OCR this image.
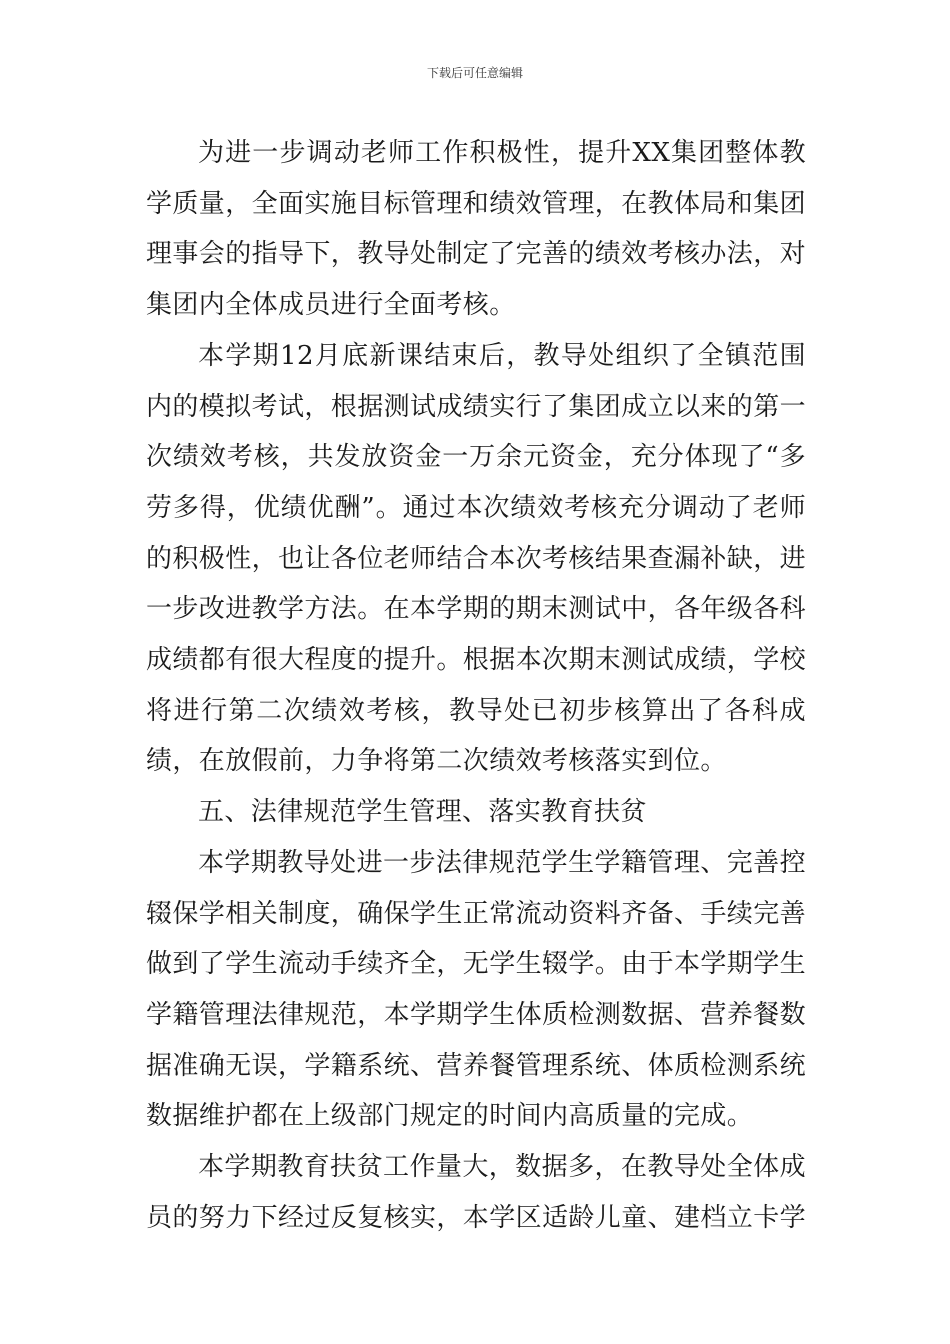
下载后可任意编辑

为进一步调动老师工作积极性，提升XX集团整体教学质量，全面实施目标管理和绩效管理，在教体局和集团理事会的指导下，教导处制定了完善的绩效考核办法，对集团内全体成员进行全面考核。

本学期12月底新课结束后，教导处组织了全镇范围内的模拟考试，根据测试成绩实行了集团成立以来的第一次绩效考核，共发放资金一万余元资金，充分体现了“多劳多得，优绩优酬”。通过本次绩效考核充分调动了老师的积极性，也让各位老师结合本次考核结果查漏补缺，进一步改进教学方法。在本学期的期末测试中，各年级各科成绩都有很大程度的提升。根据本次期末测试成绩，学校将进行第二次绩效考核，教导处已初步核算出了各科成绩，在放假前，力争将第二次绩效考核落实到位。

五、法律规范学生管理、落实教育扶贫

本学期教导处进一步法律规范学生学籍管理、完善控辍保学相关制度，确保学生正常流动资料齐备、手续完善做到了学生流动手续齐全，无学生辍学。由于本学期学生学籍管理法律规范，本学期学生体质检测数据、营养餐数据准确无误，学籍系统、营养餐管理系统、体质检测系统数据维护都在上级部门规定的时间内高质量的完成。

本学期教育扶贫工作量大，数据多，在教导处全体成员的努力下经过反复核实，本学区适龄儿童、建档立卡学
